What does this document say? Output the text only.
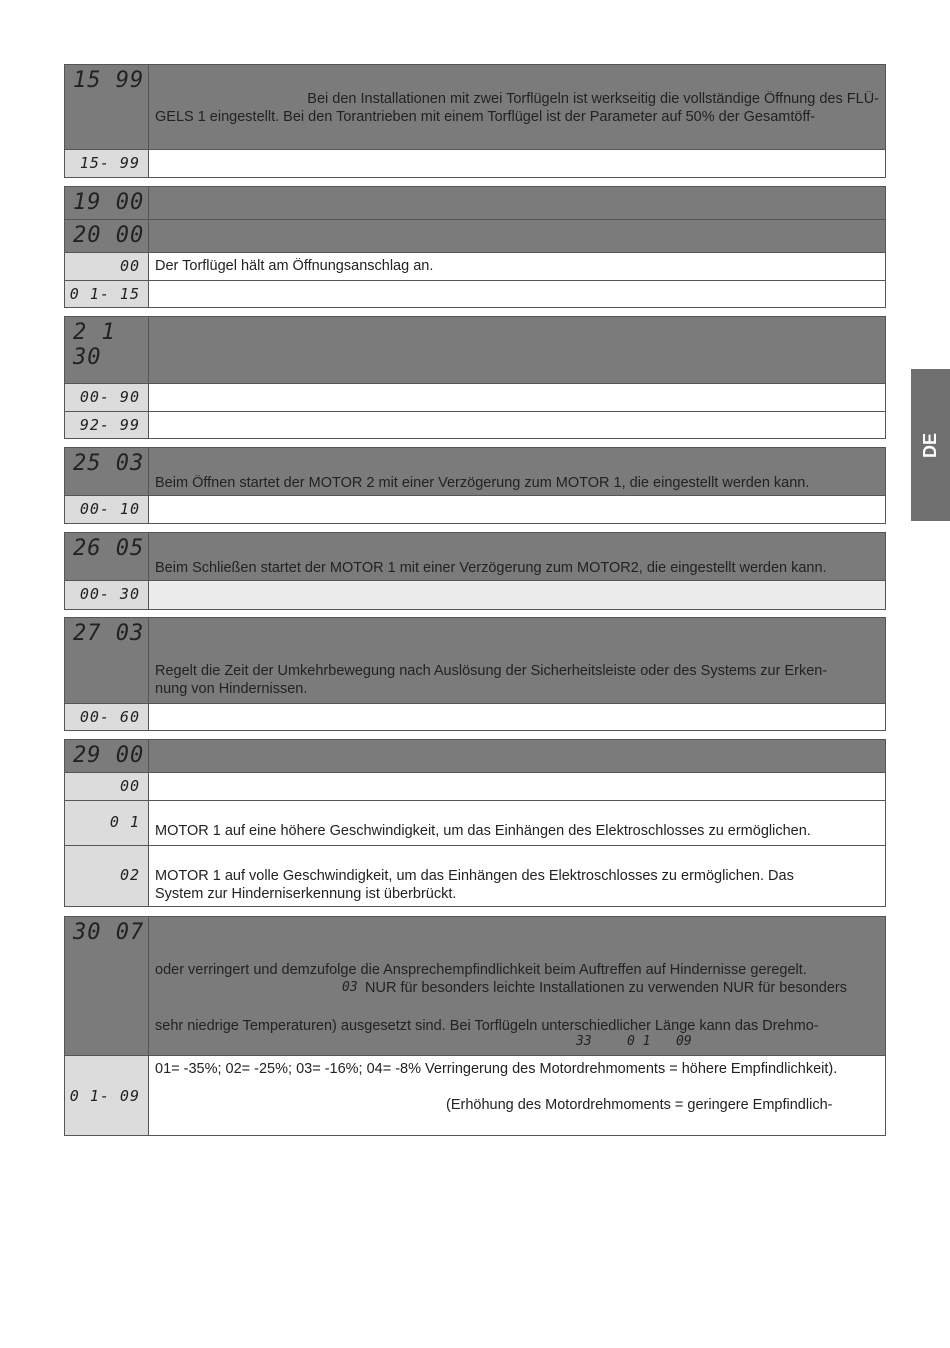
15 99
Bei den Installationen mit zwei Torflügeln ist werkseitig die vollständige Öffnung des FLÜ-
GELS 1 eingestellt. Bei den Torantrieben mit einem Torflügel ist der Parameter auf 50% der Gesamtöff-
15- 99
19 00
20 00
00 Der Torflügel hält am Öffnungsanschlag an.
0 1- 15
2 1 30
00- 90
92- 99
25 03
Beim Öffnen startet der MOTOR 2 mit einer Verzögerung zum MOTOR 1, die eingestellt werden kann.
00- 10
26 05
Beim Schließen startet der MOTOR 1 mit einer Verzögerung zum MOTOR2, die eingestellt werden kann.
00- 30
27 03
Regelt die Zeit der Umkehrbewegung nach Auslösung der Sicherheitsleiste oder des Systems zur Erken-
nung von Hindernissen.
00- 60
29 00
00
0 1 MOTOR 1 auf eine höhere Geschwindigkeit, um das Einhängen des Elektroschlosses zu ermöglichen.
02 MOTOR 1 auf volle Geschwindigkeit, um das Einhängen des Elektroschlosses zu ermöglichen. Das
System zur Hinderniserkennung ist überbrückt.
30 07
oder verringert und demzufolge die Ansprechempfindlichkeit beim Auftreffen auf Hindernisse geregelt.
03 NUR für besonders leichte Installationen zu verwenden NUR für besonders
sehr niedrige Temperaturen) ausgesetzt sind. Bei Torflügeln unterschiedlicher Länge kann das Drehmo-
33	0 1 09
0 1- 09
01= -35%; 02= -25%; 03= -16%; 04= -8% Verringerung des Motordrehmoments = höhere Empfindlichkeit).
(Erhöhung des Motordrehmoments = geringere Empfindlich-
DE
